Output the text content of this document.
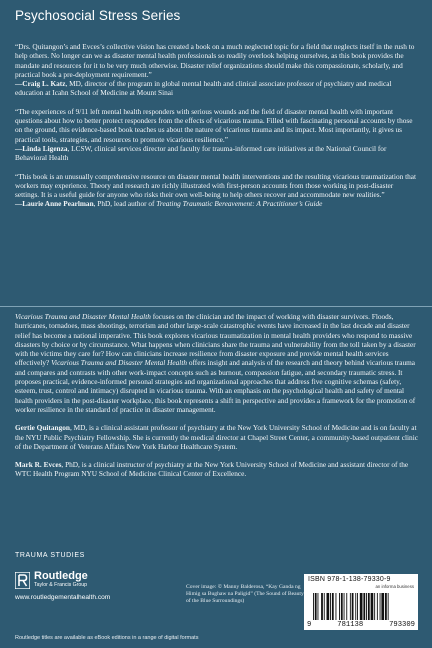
Psychosocial Stress Series

“Drs. Quitangon’s and Evces’s collective vision has created a book on a much neglected topic for a field that neglects itself in the rush to help others. No longer can we as disaster mental health professionals so readily overlook helping ourselves, as this book provides the mandate and resources for it to be very much otherwise. Disaster relief organizations should make this compassionate, scholarly, and practical book a pre-deployment requirement.”
—Craig L. Katz, MD, director of the program in global mental health and clinical associate professor of psychiatry and medical education at Icahn School of Medicine at Mount Sinai

“The experiences of 9/11 left mental health responders with serious wounds and the field of disaster mental health with important questions about how to better protect responders from the effects of vicarious trauma. Filled with fascinating personal accounts by those on the ground, this evidence-based book teaches us about the nature of vicarious trauma and its impact. Most importantly, it gives us practical tools, strategies, and resources to promote vicarious resilience.”
—Linda Ligenza, LCSW, clinical services director and faculty for trauma-informed care initiatives at the National Council for Behavioral Health

“This book is an unusually comprehensive resource on disaster mental health interventions and the resulting vicarious traumatization that workers may experience. Theory and research are richly illustrated with first-person accounts from those working in post-disaster settings. It is a useful guide for anyone who risks their own well-being to help others recover and accommodate new realities.”
—Laurie Anne Pearlman, PhD, lead author of Treating Traumatic Bereavement: A Practitioner’s Guide

Vicarious Trauma and Disaster Mental Health focuses on the clinician and the impact of working with disaster survivors. Floods, hurricanes, tornadoes, mass shootings, terrorism and other large-scale catastrophic events have increased in the last decade and disaster relief has become a national imperative. This book explores vicarious traumatization in mental health providers who respond to massive disasters by choice or by circumstance. What happens when clinicians share the trauma and vulnerability from the toll taken by a disaster with the victims they care for? How can clinicians increase resilience from disaster exposure and provide mental health services effectively? Vicarious Trauma and Disaster Mental Health offers insight and analysis of the research and theory behind vicarious trauma and compares and contrasts with other work-impact concepts such as burnout, compassion fatigue, and secondary traumatic stress. It proposes practical, evidence-informed personal strategies and organizational approaches that address five cognitive schemas (safety, esteem, trust, control and intimacy) disrupted in vicarious trauma. With an emphasis on the psychological health and safety of mental health providers in the post-disaster workplace, this book represents a shift in perspective and provides a framework for the promotion of worker resilience in the standard of practice in disaster management.

Gertie Quitangon, MD, is a clinical assistant professor of psychiatry at the New York University School of Medicine and is on faculty at the NYU Public Psychiatry Fellowship. She is currently the medical director at Chapel Street Center, a community-based outpatient clinic of the Department of Veterans Affairs New York Harbor Healthcare System.

Mark R. Evces, PhD, is a clinical instructor of psychiatry at the New York University School of Medicine and assistant director of the WTC Health Program NYU School of Medicine Clinical Center of Excellence.

TRAUMA STUDIES
Routledge
Taylor & Francis Group
www.routledgementalhealth.com
Cover image: © Manny Balderosa, “Kay Ganda ng Himig sa Bughaw na Paligid” (The Sound of Beauty of the Blue Surroundings)
ISBN 978-1-138-79330-9
an informa business
9	781138	793309
Routledge titles are available as eBook editions in a range of digital formats
